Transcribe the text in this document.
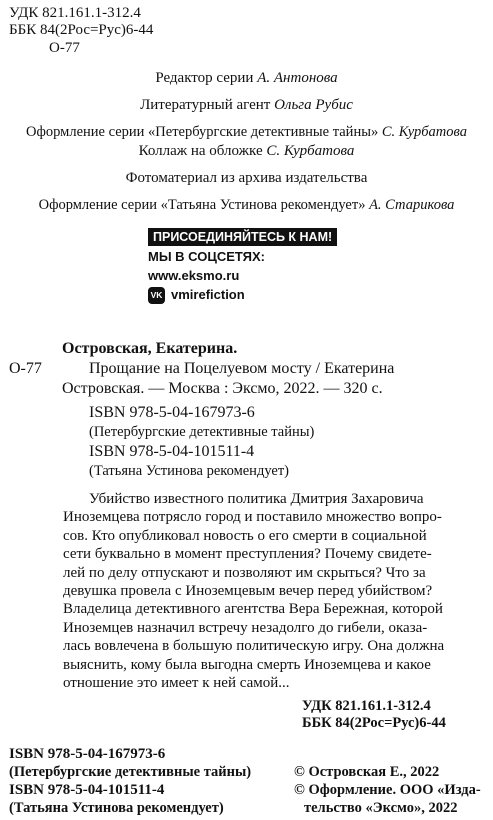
УДК 821.161.1-312.4
ББК 84(2Рос=Рус)6-44
О-77
Редактор серии А. Антонова
Литературный агент Ольга Рубис
Оформление серии «Петербургские детективные тайны» С. Курбатова
Коллаж на обложке С. Курбатова
Фотоматериал из архива издательства
Оформление серии «Татьяна Устинова рекомендует» А. Старикова
ПРИСОЕДИНЯЙТЕСЬ К НАМ!
МЫ В СОЦСЕТЯХ:
www.eksmo.ru
VK vmirefiction
Островская, Екатерина.
О-77	Прощание на Поцелуевом мосту / Екатерина
Островская. — Москва : Эксмо, 2022. — 320 с.
ISBN 978-5-04-167973-6
(Петербургские детективные тайны)
ISBN 978-5-04-101511-4
(Татьяна Устинова рекомендует)

Убийство известного политика Дмитрия Захаровича

Иноземцева потрясло город и поставило множество вопро-

сов. Кто опубликовал новость о его смерти в социальной

сети буквально в момент преступления? Почему свидете-

лей по делу отпускают и позволяют им скрыться? Что за

девушка провела с Иноземцевым вечер перед убийством?

Владелица детективного агентства Вера Бережная, которой

Иноземцев назначил встречу незадолго до гибели, оказа-

лась вовлечена в большую политическую игру. Она должна

выяснить, кому была выгодна смерть Иноземцева и какое

отношение это имеет к ней самой...

УДК 821.161.1-312.4
ББК 84(2Рос=Рус)6-44
ISBN 978-5-04-167973-6
(Петербургские детективные тайны)
ISBN 978-5-04-101511-4
(Татьяна Устинова рекомендует)
© Островская Е., 2022
© Оформление. ООО «Изда-
тельство «Эксмо», 2022
